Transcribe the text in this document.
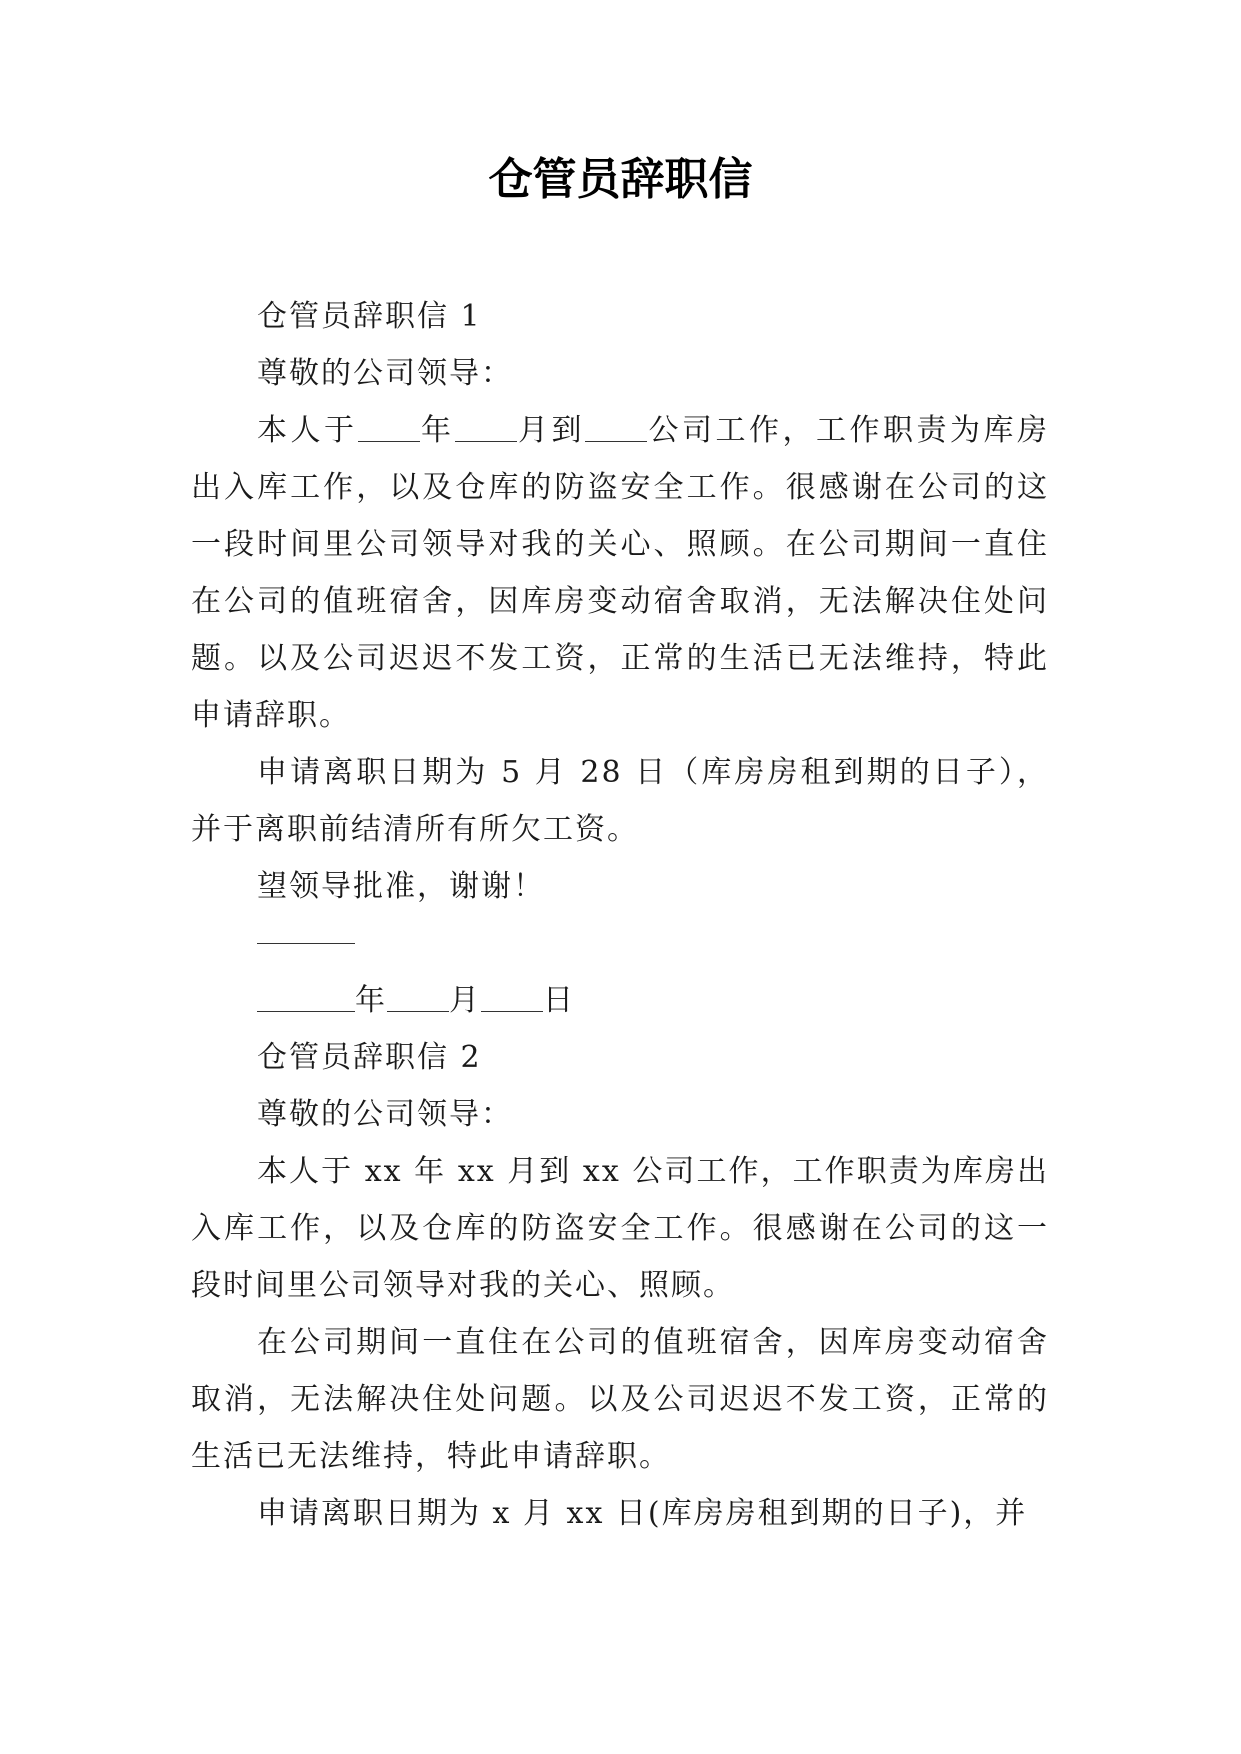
仓管员辞职信

仓管员辞职信 1

尊敬的公司领导：

本人于 年 月到 公司工作，工作职责为库房出入库工作，以及仓库的防盗安全工作。很感谢在公司的这一段时间里公司领导对我的关心、照顾。在公司期间一直住在公司的值班宿舍，因库房变动宿舍取消，无法解决住处问题。以及公司迟迟不发工资，正常的生活已无法维持，特此申请辞职。

申请离职日期为 5 月 28 日（库房房租到期的日子），并于离职前结清所有所欠工资。

望领导批准，谢谢！

年 月 日

仓管员辞职信 2

尊敬的公司领导：

本人于 xx 年 xx 月到 xx 公司工作，工作职责为库房出入库工作，以及仓库的防盗安全工作。很感谢在公司的这一段时间里公司领导对我的关心、照顾。

在公司期间一直住在公司的值班宿舍，因库房变动宿舍取消，无法解决住处问题。以及公司迟迟不发工资，正常的生活已无法维持，特此申请辞职。

申请离职日期为 x 月 xx 日(库房房租到期的日子)，并
